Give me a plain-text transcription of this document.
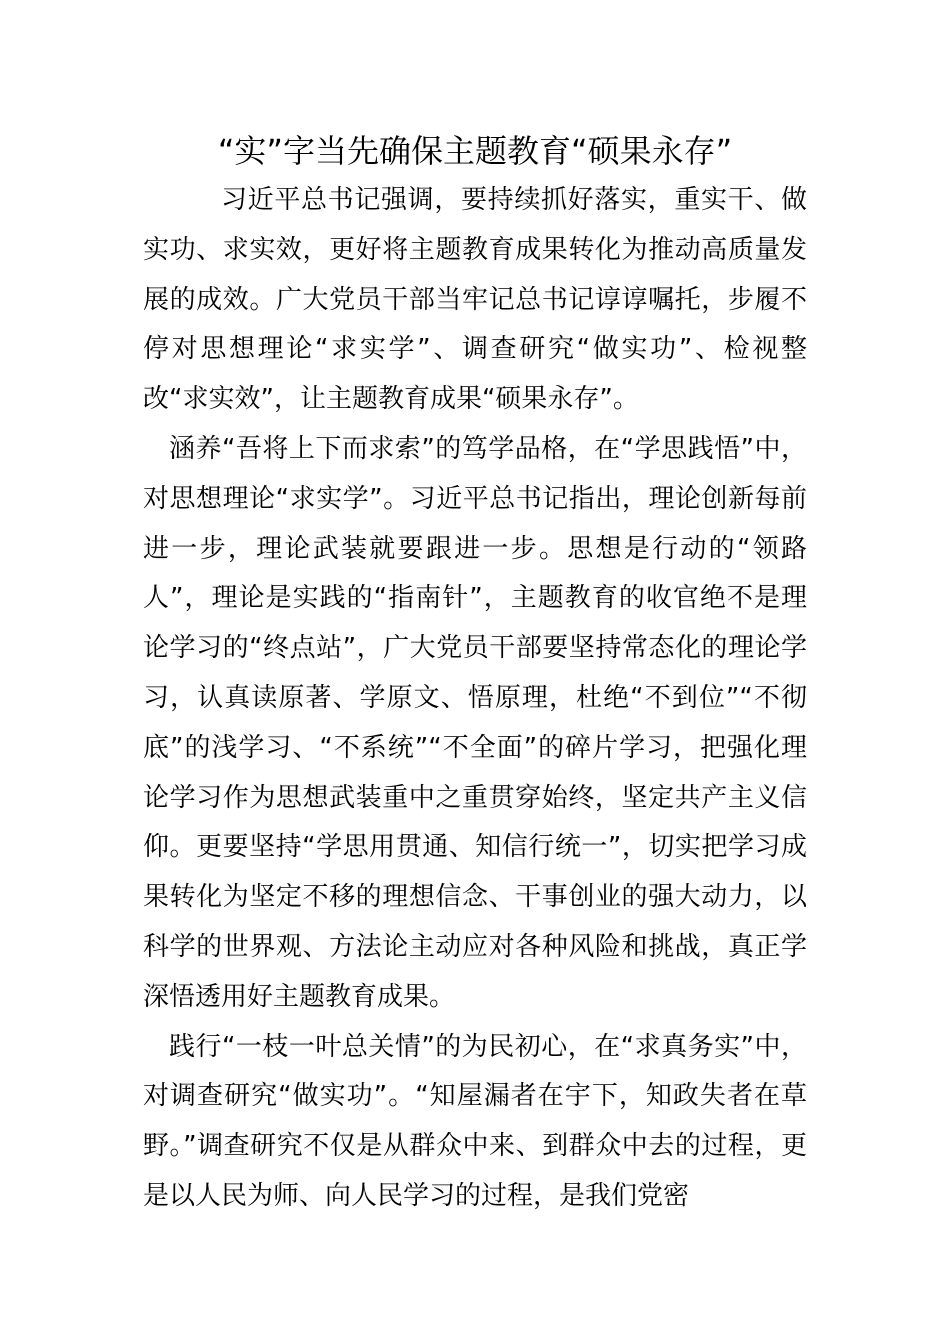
“实”字当先确保主题教育“硕果永存”

习近平总书记强调，要持续抓好落实，重实干、做实功、求实效，更好将主题教育成果转化为推动高质量发展的成效。广大党员干部当牢记总书记谆谆嘱托，步履不停对思想理论“求实学”、调查研究“做实功”、检视整改“求实效”，让主题教育成果“硕果永存”。

涵养“吾将上下而求索”的笃学品格，在“学思践悟”中，对思想理论“求实学”。习近平总书记指出，理论创新每前进一步，理论武装就要跟进一步。思想是行动的“领路人”，理论是实践的“指南针”，主题教育的收官绝不是理论学习的“终点站”，广大党员干部要坚持常态化的理论学习，认真读原著、学原文、悟原理，杜绝“不到位”“不彻底”的浅学习、“不系统”“不全面”的碎片学习，把强化理论学习作为思想武装重中之重贯穿始终，坚定共产主义信仰。更要坚持“学思用贯通、知信行统一”，切实把学习成果转化为坚定不移的理想信念、干事创业的强大动力，以科学的世界观、方法论主动应对各种风险和挑战，真正学深悟透用好主题教育成果。

践行“一枝一叶总关情”的为民初心，在“求真务实”中，对调查研究“做实功”。“知屋漏者在宇下，知政失者在草野。”调查研究不仅是从群众中来、到群众中去的过程，更是以人民为师、向人民学习的过程，是我们党密
